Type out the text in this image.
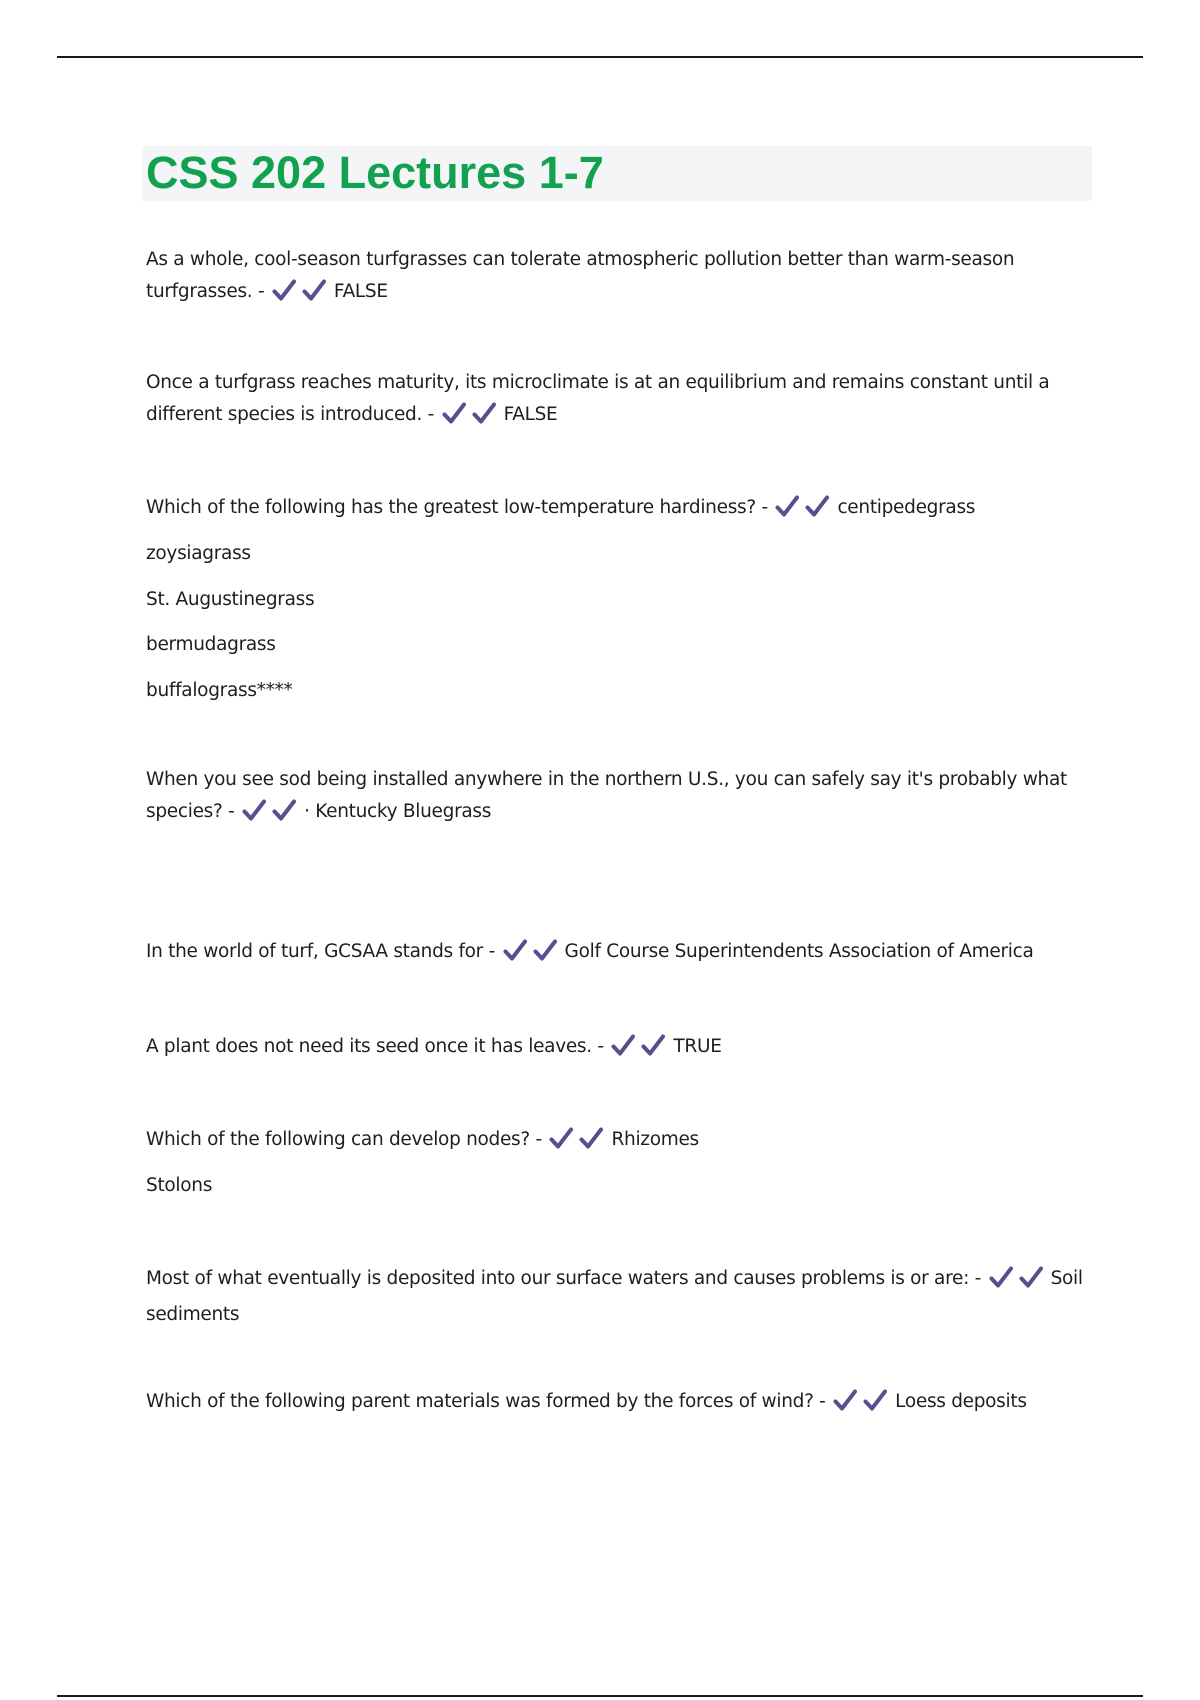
CSS 202 Lectures 1-7
As a whole, cool-season turfgrasses can tolerate atmospheric pollution better than warm-season
turfgrasses. -	FALSE
Once a turfgrass reaches maturity, its microclimate is at an equilibrium and remains constant until a
different species is introduced. -	FALSE
Which of the following has the greatest low-temperature hardiness? -	centipedegrass
zoysiagrass
St. Augustinegrass
bermudagrass
buffalograss****
When you see sod being installed anywhere in the northern U.S., you can safely say it's probably what
species? -	· Kentucky Bluegrass
In the world of turf, GCSAA stands for -	Golf Course Superintendents Association of America
A plant does not need its seed once it has leaves. -	TRUE
Which of the following can develop nodes? -	Rhizomes
Stolons
Most of what eventually is deposited into our surface waters and causes problems is or are: -	Soil
sediments
Which of the following parent materials was formed by the forces of wind? -	Loess deposits
